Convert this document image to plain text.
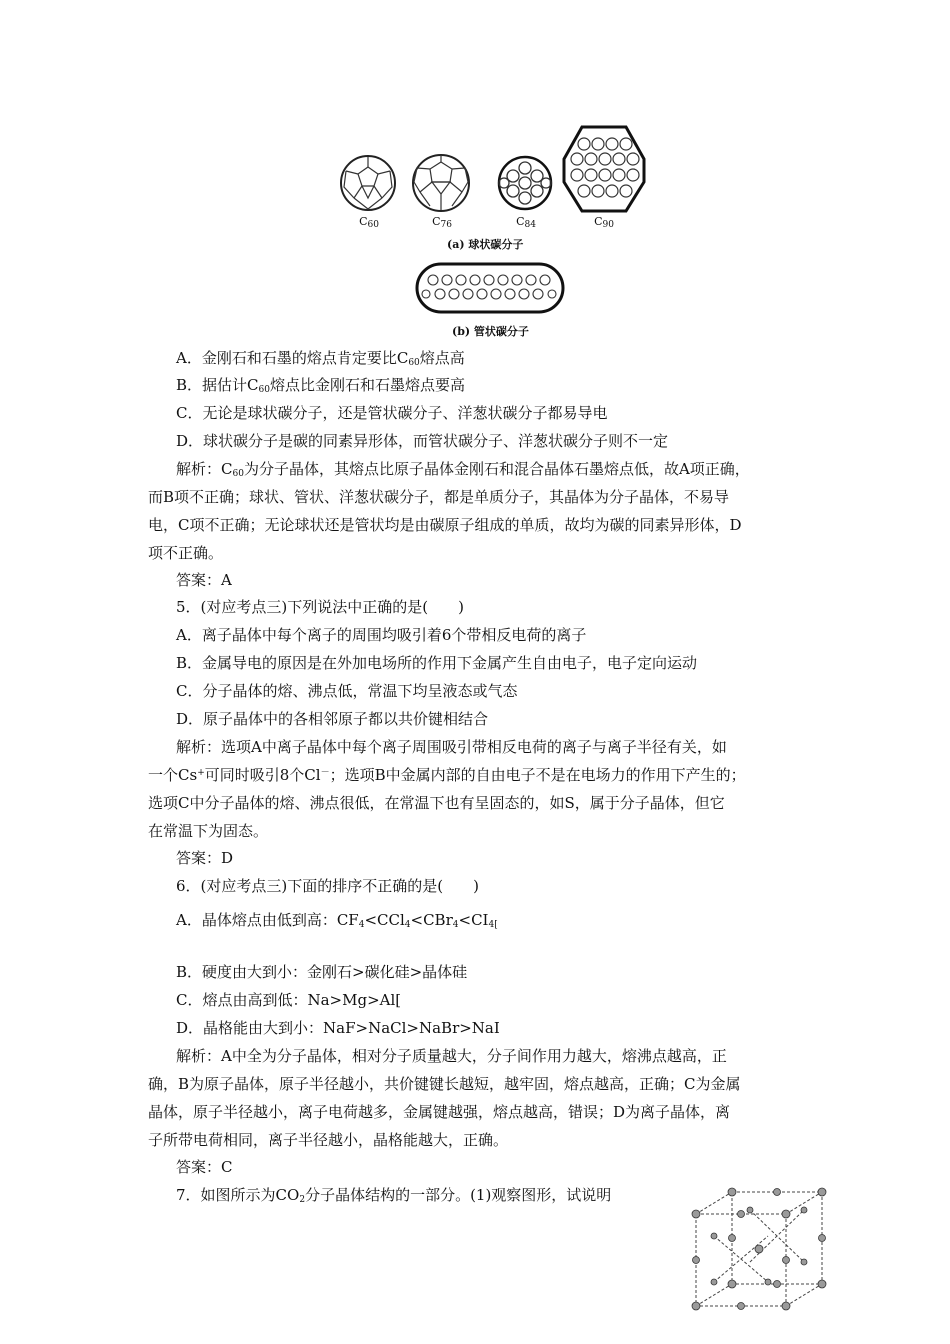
$C_{60}$	$C_{76}$	$C_{84}$	$C_{90}$
(a) 球状碳分子
(b) 管状碳分子
A．金刚石和石墨的熔点肯定要比$C_{60}$熔点高
B．据估计$C_{60}$熔点比金刚石和石墨熔点要高
C．无论是球状碳分子，还是管状碳分子、洋葱状碳分子都易导电
D．球状碳分子是碳的同素异形体，而管状碳分子、洋葱状碳分子则不一定
解析：$C_{60}$为分子晶体，其熔点比原子晶体金刚石和混合晶体石墨熔点低，故A项正确，
而B项不正确；球状、管状、洋葱状碳分子，都是单质分子，其晶体为分子晶体，不易导
电，C项不正确；无论球状还是管状均是由碳原子组成的单质，故均为碳的同素异形体，D
项不正确。
答案：A
5．(对应考点三)下列说法中正确的是(　　)
A．离子晶体中每个离子的周围均吸引着6个带相反电荷的离子
B．金属导电的原因是在外加电场所的作用下金属产生自由电子，电子定向运动
C．分子晶体的熔、沸点低，常温下均呈液态或气态
D．原子晶体中的各相邻原子都以共价键相结合
解析：选项A中离子晶体中每个离子周围吸引带相反电荷的离子与离子半径有关，如
一个Cs+可同时吸引8个Cl－；选项B中金属内部的自由电子不是在电场力的作用下产生的；
选项C中分子晶体的熔、沸点很低，在常温下也有呈固态的，如S，属于分子晶体，但它
在常温下为固态。
答案：D
6．(对应考点三)下面的排序不正确的是(　　)
A．晶体熔点由低到高：$CF_4<CCl_4<CBr_4<CI_{4[}$
B．硬度由大到小：金刚石>碳化硅>晶体硅
C．熔点由高到低：Na>Mg>Al[
D．晶格能由大到小：NaF>NaCl>NaBr>NaI
解析：A中全为分子晶体，相对分子质量越大，分子间作用力越大，熔沸点越高，正
确，B为原子晶体，原子半径越小，共价键键长越短，越牢固，熔点越高，正确；C为金属
晶体，原子半径越小，离子电荷越多，金属键越强，熔点越高，错误；D为离子晶体，离
子所带电荷相同，离子半径越小，晶格能越大，正确。
答案：C
7．如图所示为$CO_2$分子晶体结构的一部分。(1)观察图形，试说明
